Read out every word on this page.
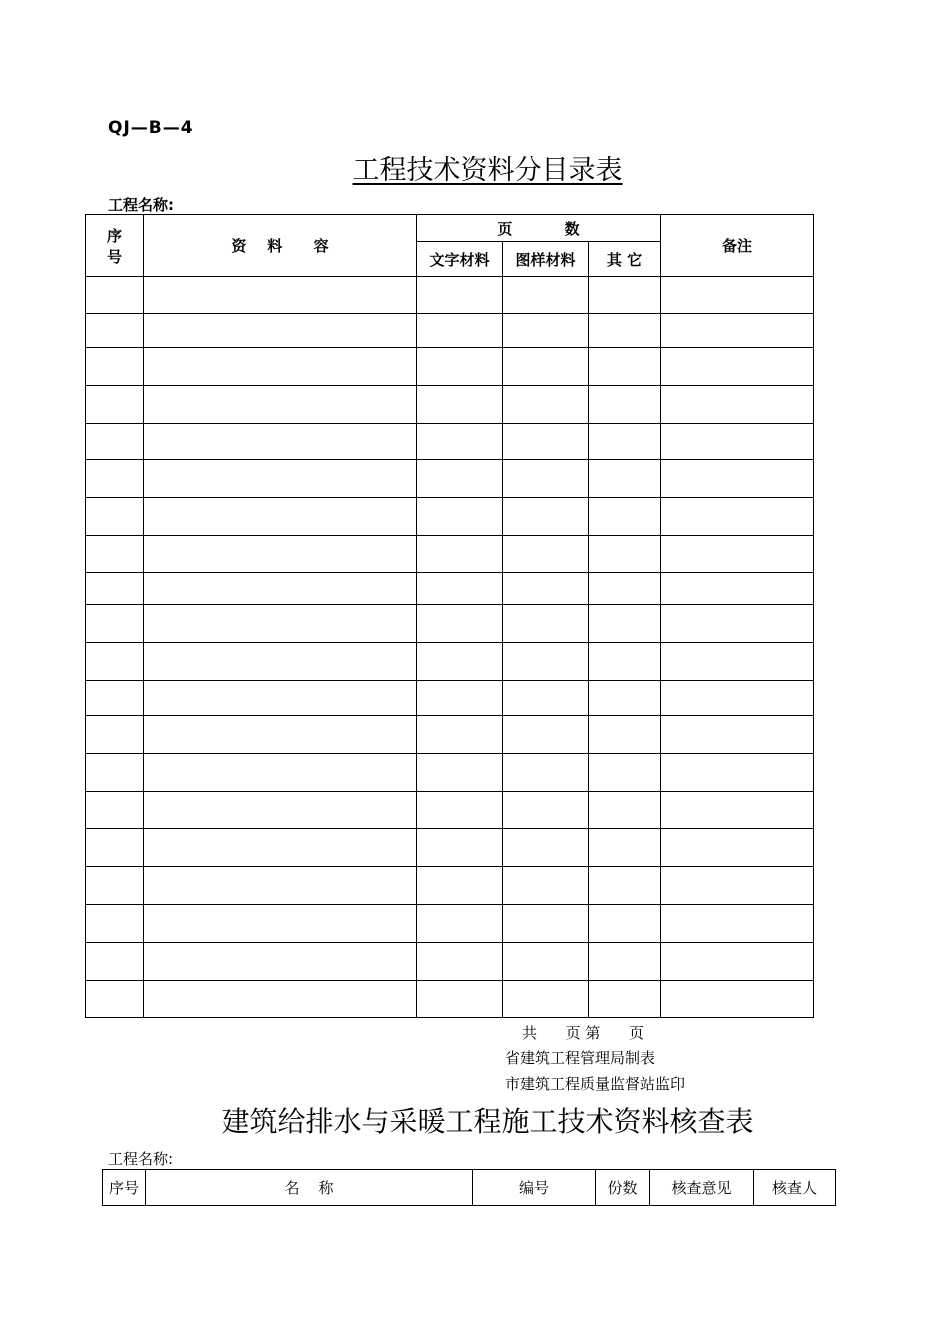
QJ—B—4
工程技术资料分目录表
工程名称:
序
号	资    料      容	页          数			备注
		文字材料	图样材料	其 它	

共      页 第      页
省建筑工程管理局制表
市建筑工程质量监督站监印
建筑给排水与采暖工程施工技术资料核查表
工程名称:
序号	名    称	编号	份数	核查意见	核查人
